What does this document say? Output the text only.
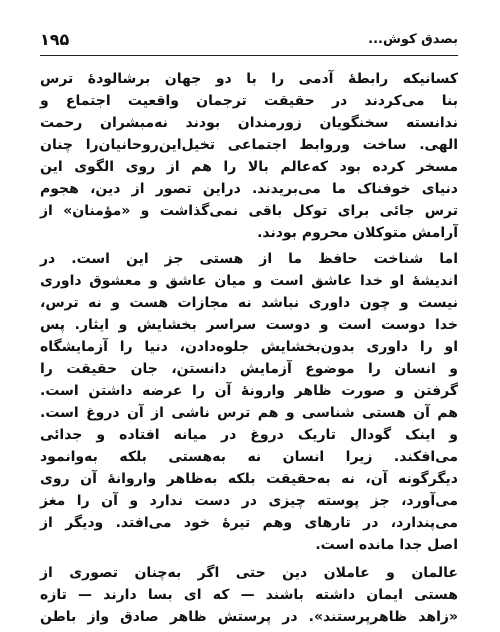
بصدق کوش...
۱۹۵
کسانیکه رابطهٔ آدمی را با دو جهان برشالودهٔ ترس
بنا می‌کردند در حقیقت ترجمان واقعیت اجتماع و
ندانسته سخنگویان زورمندان بودند نه‌مبشران رحمت
الهی. ساخت وروابط اجتماعی تخیل‌این‌روحانیان‌را چنان
مسخر کرده بود که‌عالم بالا را هم از روی الگوی این
دنیای خوفناک ما می‌بریدند. دراین تصور از دین، هجوم
ترس جائی برای توکل باقی نمی‌گذاشت و «مؤمنان» از
آرامش متوکلان محروم بودند.
اما شناخت حافظ ما از هستی جز این است. در
اندیشهٔ او خدا عاشق است و میان عاشق و معشوق داوری
نیست و چون داوری نباشد نه مجازات هست و نه ترس،
خدا دوست است و دوست سراسر بخشایش و ایثار. پس
او را داوری بدون‌بخشایش جلوه‌دادن، دنیا را آزمایشگاه
و انسان را موضوع آزمایش دانستن، جان حقیقت را
گرفتن و صورت ظاهر وارونهٔ آن را عرضه داشتن است.
هم آن هستی شناسی و هم ترس ناشی از آن دروغ است.
و اینک گودال تاریک دروغ در میانه افتاده و جدائی
می‌افکند. زیرا انسان نه به‌هستی بلکه به‌وانمود
دیگرگونه آن، نه به‌حقیقت بلکه به‌ظاهر واروانهٔ آن روی
می‌آورد، جز پوسته چیزی در دست ندارد و آن را مغز
می‌پندارد، در تارهای وهم تیرهٔ خود می‌افتد. ودیگر از
اصل جدا مانده است.
عالمان و عاملان دین حتی اگر به‌چنان تصوری از
هستی ایمان داشته باشند — که ای بسا دارند — تازه
«زاهد ظاهرپرستند». در پرستش ظاهر صادق واز باطن
